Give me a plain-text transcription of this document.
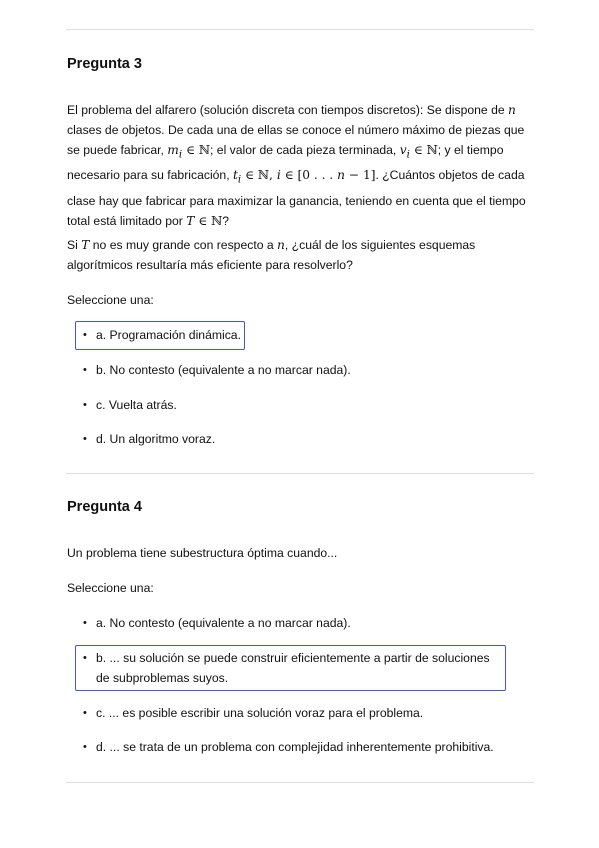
Pregunta 3

El problema del alfarero (solución discreta con tiempos discretos): Se dispone de n clases de objetos. De cada una de ellas se conoce el número máximo de piezas que se puede fabricar, $m_i$ ∈ ℕ; el valor de cada pieza terminada, $v_i$ ∈ ℕ; y el tiempo necesario para su fabricación, $t_i$ ∈ ℕ, i ∈ [0 . . . n − 1]. ¿Cuántos objetos de cada clase hay que fabricar para maximizar la ganancia, teniendo en cuenta que el tiempo total está limitado por T ∈ ℕ?

Si T no es muy grande con respecto a n, ¿cuál de los siguientes esquemas algorítmicos resultaría más eficiente para resolverlo?

Seleccione una:

• a. Programación dinámica.
• b. No contesto (equivalente a no marcar nada).
• c. Vuelta atrás.
• d. Un algoritmo voraz.
Pregunta 4

Un problema tiene subestructura óptima cuando...

Seleccione una:

• a. No contesto (equivalente a no marcar nada).
• b. ... su solución se puede construir eficientemente a partir de soluciones de subproblemas suyos.
• c. ... es posible escribir una solución voraz para el problema.
• d. ... se trata de un problema con complejidad inherentemente prohibitiva.
